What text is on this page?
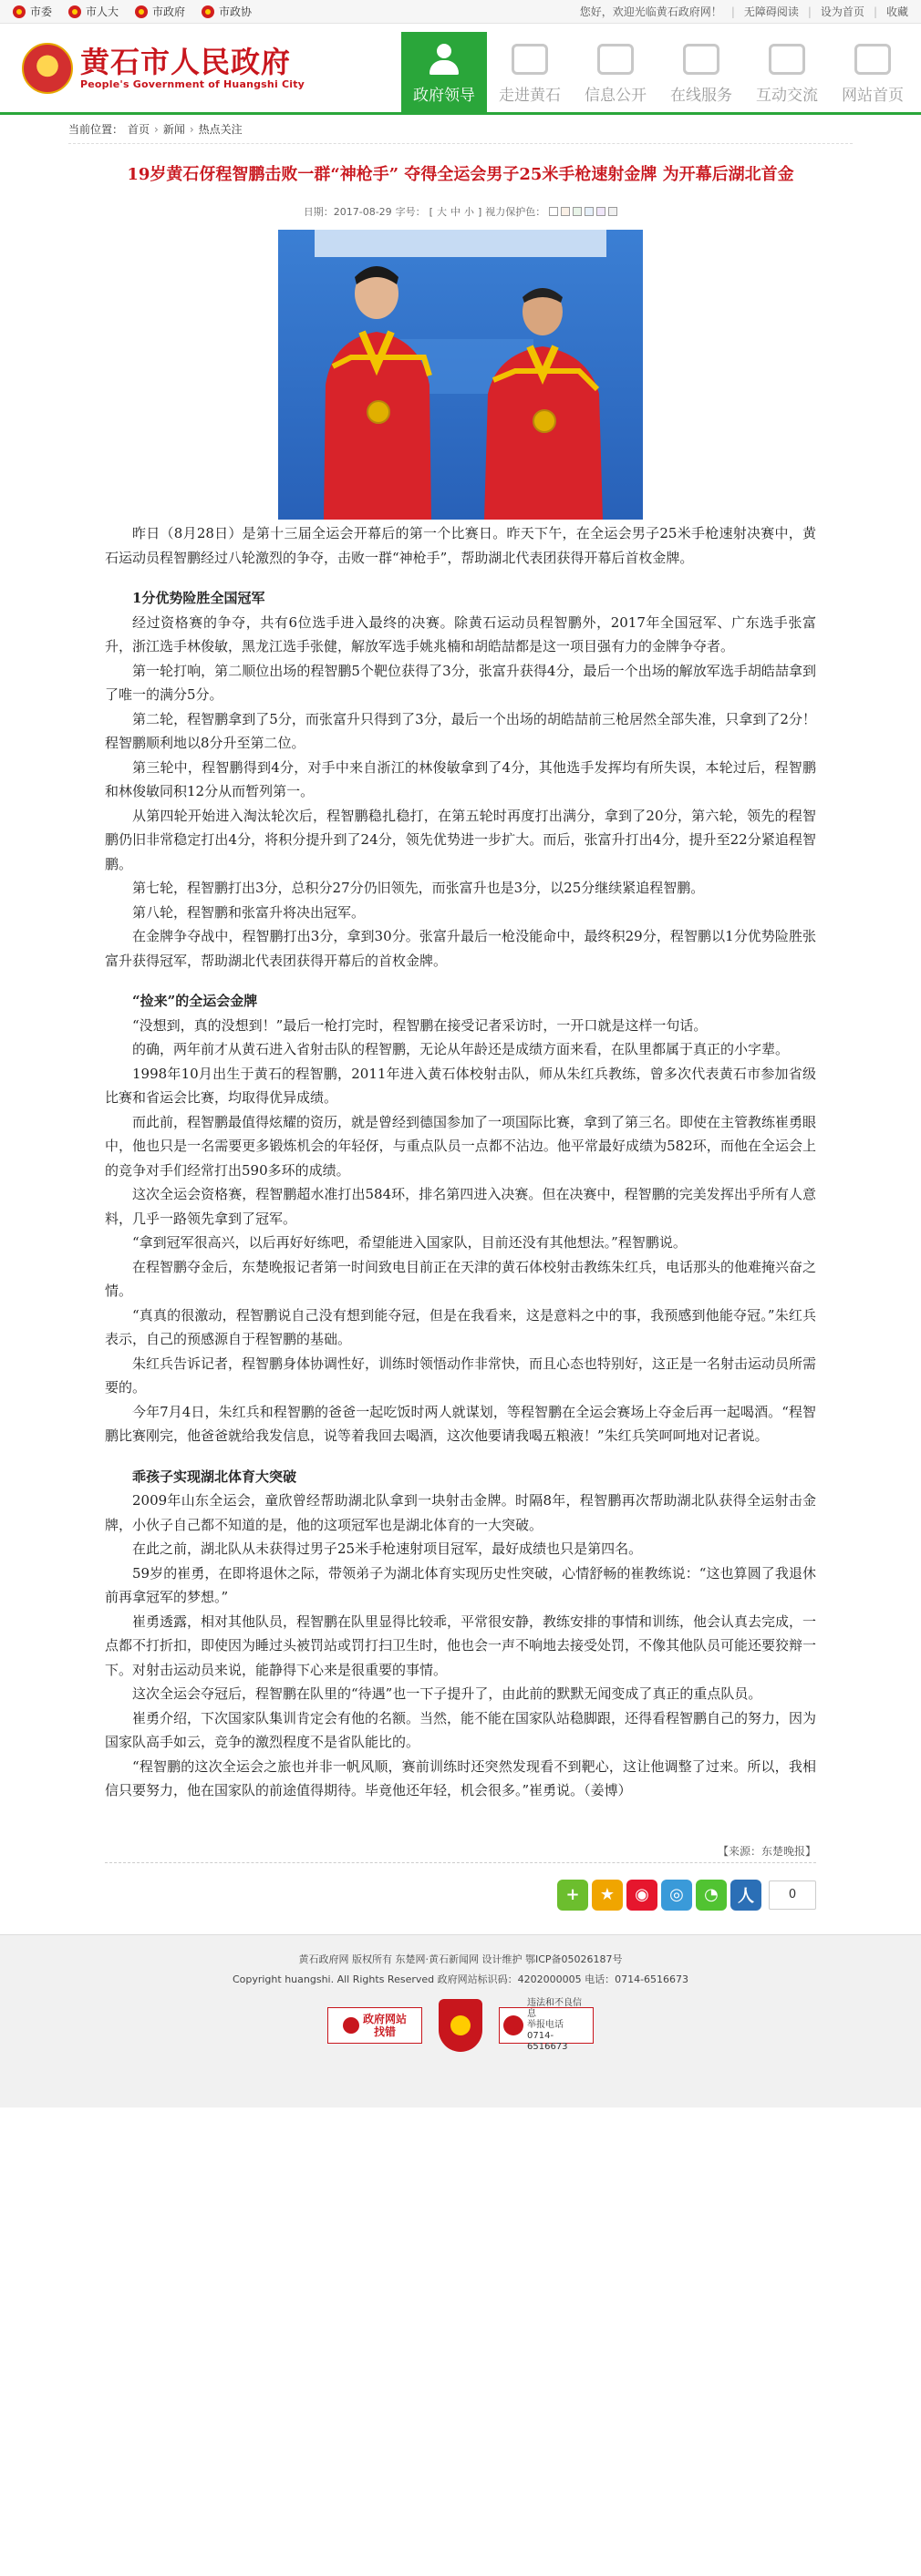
市委	市人大	市政府	市政协	您好，欢迎光临黄石政府网！ | 无障碍阅读 | 设为首页 | 收藏
黄石市人民政府
People's Government of Huangshi City
政府领导 走进黄石 信息公开 在线服务 互动交流 网站首页
当前位置： 首页 › 新闻 › 热点关注
19岁黄石伢程智鹏击败一群“神枪手” 夺得全运会男子25米手枪速射金牌 为开幕后湖北首金
日期：2017-08-29 字号： [ 大 中 小 ] 视力保护色：

昨日（8月28日）是第十三届全运会开幕后的第一个比赛日。昨天下午，在全运会男子25米手枪速射决赛中，黄石运动员程智鹏经过八轮激烈的争夺，击败一群“神枪手”，帮助湖北代表团获得开幕后首枚金牌。

1分优势险胜全国冠军

经过资格赛的争夺，共有6位选手进入最终的决赛。除黄石运动员程智鹏外，2017年全国冠军、广东选手张富升，浙江选手林俊敏，黑龙江选手张健，解放军选手姚兆楠和胡皓喆都是这一项目强有力的金牌争夺者。

第一轮打响，第二顺位出场的程智鹏5个靶位获得了3分，张富升获得4分，最后一个出场的解放军选手胡皓喆拿到了唯一的满分5分。

第二轮，程智鹏拿到了5分，而张富升只得到了3分，最后一个出场的胡皓喆前三枪居然全部失准，只拿到了2分！程智鹏顺利地以8分升至第二位。

第三轮中，程智鹏得到4分，对手中来自浙江的林俊敏拿到了4分，其他选手发挥均有所失误，本轮过后，程智鹏和林俊敏同积12分从而暂列第一。

从第四轮开始进入淘汰轮次后，程智鹏稳扎稳打，在第五轮时再度打出满分，拿到了20分，第六轮，领先的程智鹏仍旧非常稳定打出4分，将积分提升到了24分，领先优势进一步扩大。而后，张富升打出4分，提升至22分紧追程智鹏。

第七轮，程智鹏打出3分，总积分27分仍旧领先，而张富升也是3分，以25分继续紧追程智鹏。

第八轮，程智鹏和张富升将决出冠军。

在金牌争夺战中，程智鹏打出3分，拿到30分。张富升最后一枪没能命中，最终积29分，程智鹏以1分优势险胜张富升获得冠军，帮助湖北代表团获得开幕后的首枚金牌。

“捡来”的全运会金牌

“没想到，真的没想到！”最后一枪打完时，程智鹏在接受记者采访时，一开口就是这样一句话。

的确，两年前才从黄石进入省射击队的程智鹏，无论从年龄还是成绩方面来看，在队里都属于真正的小字辈。

1998年10月出生于黄石的程智鹏，2011年进入黄石体校射击队，师从朱红兵教练，曾多次代表黄石市参加省级比赛和省运会比赛，均取得优异成绩。

而此前，程智鹏最值得炫耀的资历，就是曾经到德国参加了一项国际比赛，拿到了第三名。即使在主管教练崔勇眼中，他也只是一名需要更多锻炼机会的年轻伢，与重点队员一点都不沾边。他平常最好成绩为582环，而他在全运会上的竞争对手们经常打出590多环的成绩。

这次全运会资格赛，程智鹏超水准打出584环，排名第四进入决赛。但在决赛中，程智鹏的完美发挥出乎所有人意料，几乎一路领先拿到了冠军。

“拿到冠军很高兴，以后再好好练吧，希望能进入国家队，目前还没有其他想法。”程智鹏说。

在程智鹏夺金后，东楚晚报记者第一时间致电目前正在天津的黄石体校射击教练朱红兵，电话那头的他难掩兴奋之情。

“真真的很激动，程智鹏说自己没有想到能夺冠，但是在我看来，这是意料之中的事，我预感到他能夺冠。”朱红兵表示，自己的预感源自于程智鹏的基础。

朱红兵告诉记者，程智鹏身体协调性好，训练时领悟动作非常快，而且心态也特别好，这正是一名射击运动员所需要的。

今年7月4日，朱红兵和程智鹏的爸爸一起吃饭时两人就谋划，等程智鹏在全运会赛场上夺金后再一起喝酒。“程智鹏比赛刚完，他爸爸就给我发信息，说等着我回去喝酒，这次他要请我喝五粮液！”朱红兵笑呵呵地对记者说。

乖孩子实现湖北体育大突破

2009年山东全运会，童欣曾经帮助湖北队拿到一块射击金牌。时隔8年，程智鹏再次帮助湖北队获得全运射击金牌，小伙子自己都不知道的是，他的这项冠军也是湖北体育的一大突破。

在此之前，湖北队从未获得过男子25米手枪速射项目冠军，最好成绩也只是第四名。

59岁的崔勇，在即将退休之际，带领弟子为湖北体育实现历史性突破，心情舒畅的崔教练说：“这也算圆了我退休前再拿冠军的梦想。”

崔勇透露，相对其他队员，程智鹏在队里显得比较乖，平常很安静，教练安排的事情和训练，他会认真去完成，一点都不打折扣，即使因为睡过头被罚站或罚打扫卫生时，他也会一声不响地去接受处罚，不像其他队员可能还要狡辩一下。对射击运动员来说，能静得下心来是很重要的事情。

这次全运会夺冠后，程智鹏在队里的“待遇”也一下子提升了，由此前的默默无闻变成了真正的重点队员。

崔勇介绍，下次国家队集训肯定会有他的名额。当然，能不能在国家队站稳脚跟，还得看程智鹏自己的努力，因为国家队高手如云，竞争的激烈程度不是省队能比的。

“程智鹏的这次全运会之旅也并非一帆风顺，赛前训练时还突然发现看不到靶心，这让他调整了过来。所以，我相信只要努力，他在国家队的前途值得期待。毕竟他还年轻，机会很多。”崔勇说。（姜博）

【来源：东楚晚报】
+	★	◉	◎	◔	人	0
黄石政府网 版权所有 东楚网·黄石新闻网 设计维护 鄂ICP备05026187号
Copyright huangshi. All Rights Reserved 政府网站标识码：4202000005 电话：0714-6516673
政府网站
找错
违法和不良信息
举报电话
0714-6516673
